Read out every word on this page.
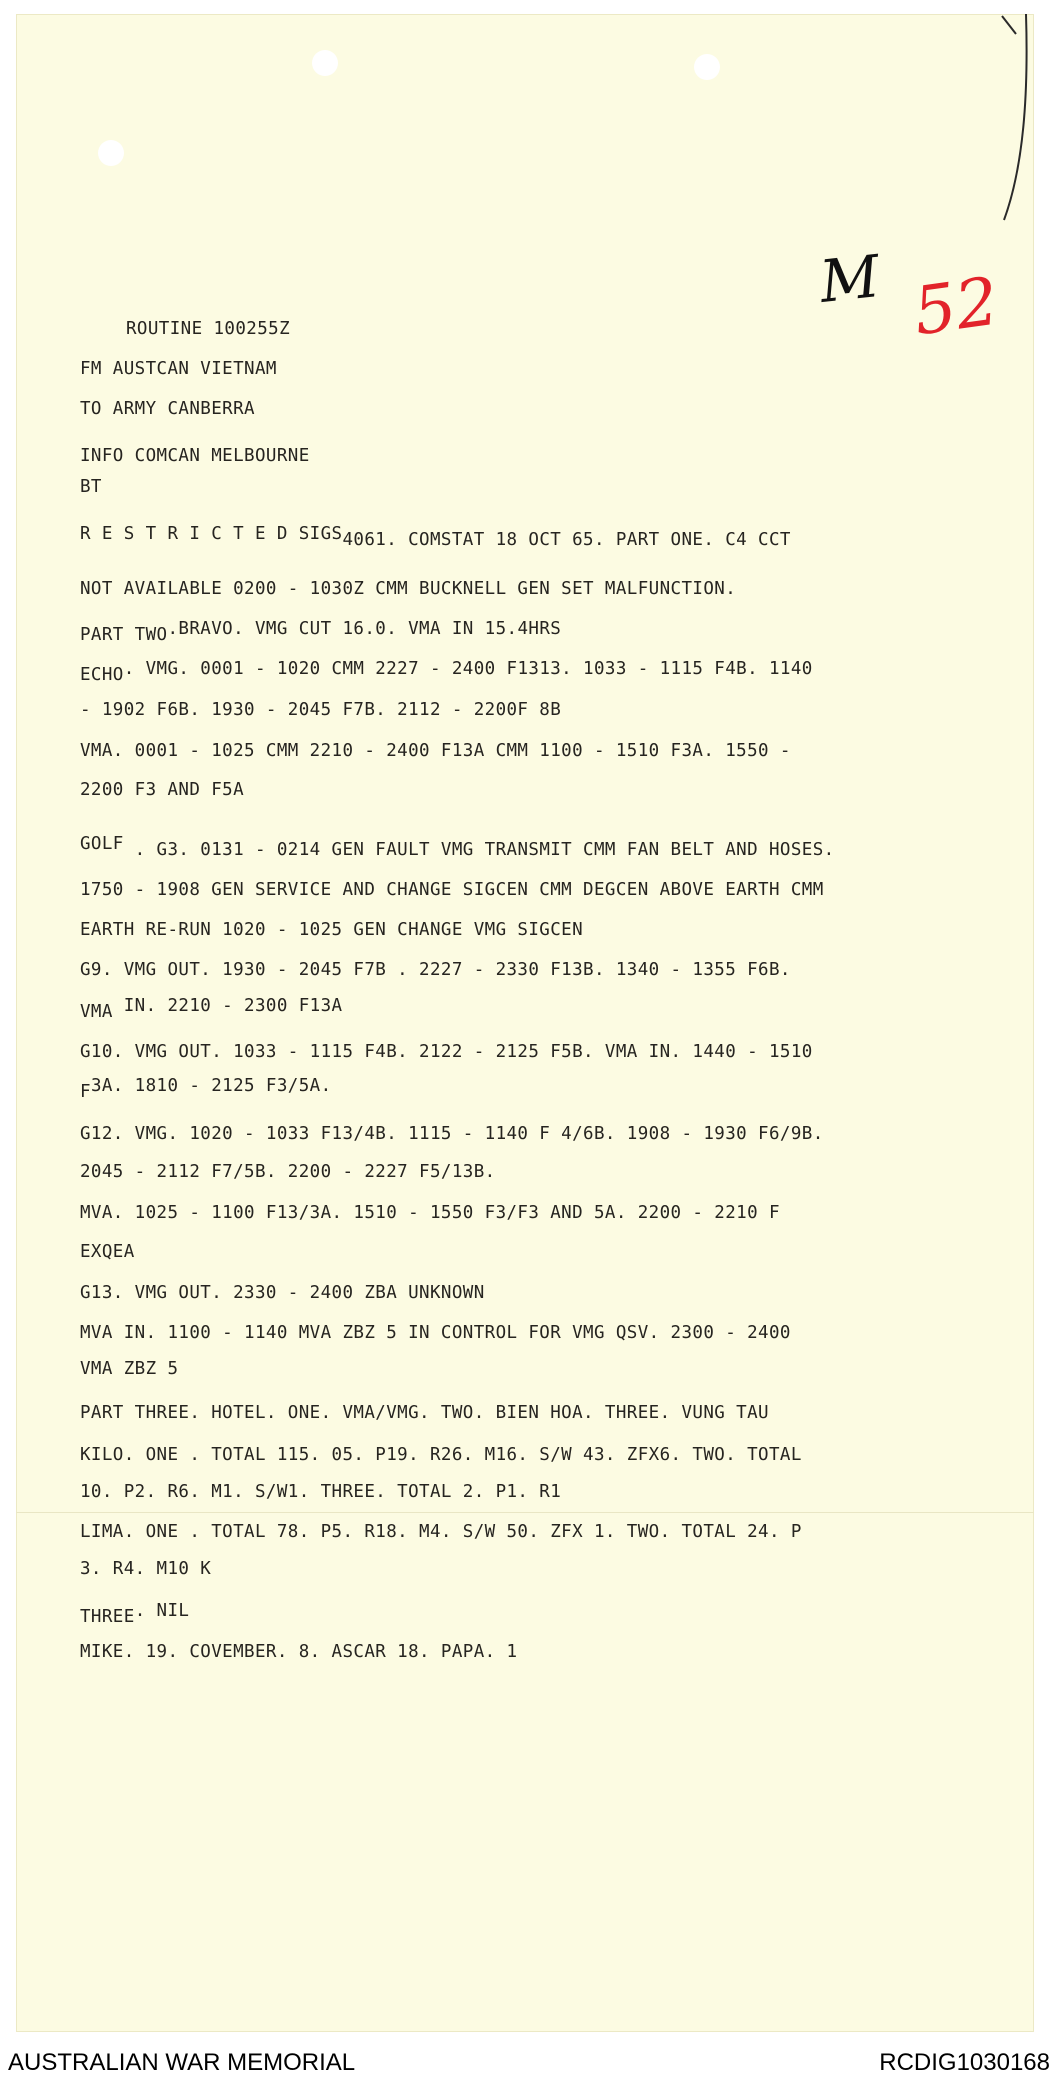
M 52
ROUTINE 100255Z
FM AUSTCAN VIETNAM
TO ARMY CANBERRA
INFO COMCAN MELBOURNE
BT
R E S T R I C T E D SIGS4061. COMSTAT 18 OCT 65. PART ONE. C4 CCT
NOT AVAILABLE 0200 - 1030Z CMM BUCKNELL GEN SET MALFUNCTION.
PART TWO.BRAVO. VMG CUT 16.0. VMA IN 15.4HRS
ECHO. VMG. 0001 - 1020 CMM 2227 - 2400 F1313. 1033 - 1115 F4B. 1140
- 1902 F6B. 1930 - 2045 F7B. 2112 - 2200F 8B
VMA. 0001 - 1025 CMM 2210 - 2400 F13A CMM 1100 - 1510 F3A. 1550 -
2200 F3 AND F5A
GOLF . G3. 0131 - 0214 GEN FAULT VMG TRANSMIT CMM FAN BELT AND HOSES.
1750 - 1908 GEN SERVICE AND CHANGE SIGCEN CMM DEGCEN ABOVE EARTH CMM
EARTH RE-RUN 1020 - 1025 GEN CHANGE VMG SIGCEN
G9. VMG OUT. 1930 - 2045 F7B . 2227 - 2330 F13B. 1340 - 1355 F6B.
VMA IN. 2210 - 2300 F13A
G10. VMG OUT. 1033 - 1115 F4B. 2122 - 2125 F5B. VMA IN. 1440 - 1510
F3A. 1810 - 2125 F3/5A.
G12. VMG. 1020 - 1033 F13/4B. 1115 - 1140 F 4/6B. 1908 - 1930 F6/9B.
2045 - 2112 F7/5B. 2200 - 2227 F5/13B.
MVA. 1025 - 1100 F13/3A. 1510 - 1550 F3/F3 AND 5A. 2200 - 2210 F
EXQEA
G13. VMG OUT. 2330 - 2400 ZBA UNKNOWN
MVA IN. 1100 - 1140 MVA ZBZ 5 IN CONTROL FOR VMG QSV. 2300 - 2400
VMA ZBZ 5
PART THREE. HOTEL. ONE. VMA/VMG. TWO. BIEN HOA. THREE. VUNG TAU
KILO. ONE . TOTAL 115. 05. P19. R26. M16. S/W 43. ZFX6. TWO. TOTAL
10. P2. R6. M1. S/W1. THREE. TOTAL 2. P1. R1
LIMA. ONE . TOTAL 78. P5. R18. M4. S/W 50. ZFX 1. TWO. TOTAL 24. P
3. R4. M10 K
THREE. NIL
MIKE. 19. COVEMBER. 8. ASCAR 18. PAPA. 1
AUSTRALIAN WAR MEMORIAL	RCDIG1030168
